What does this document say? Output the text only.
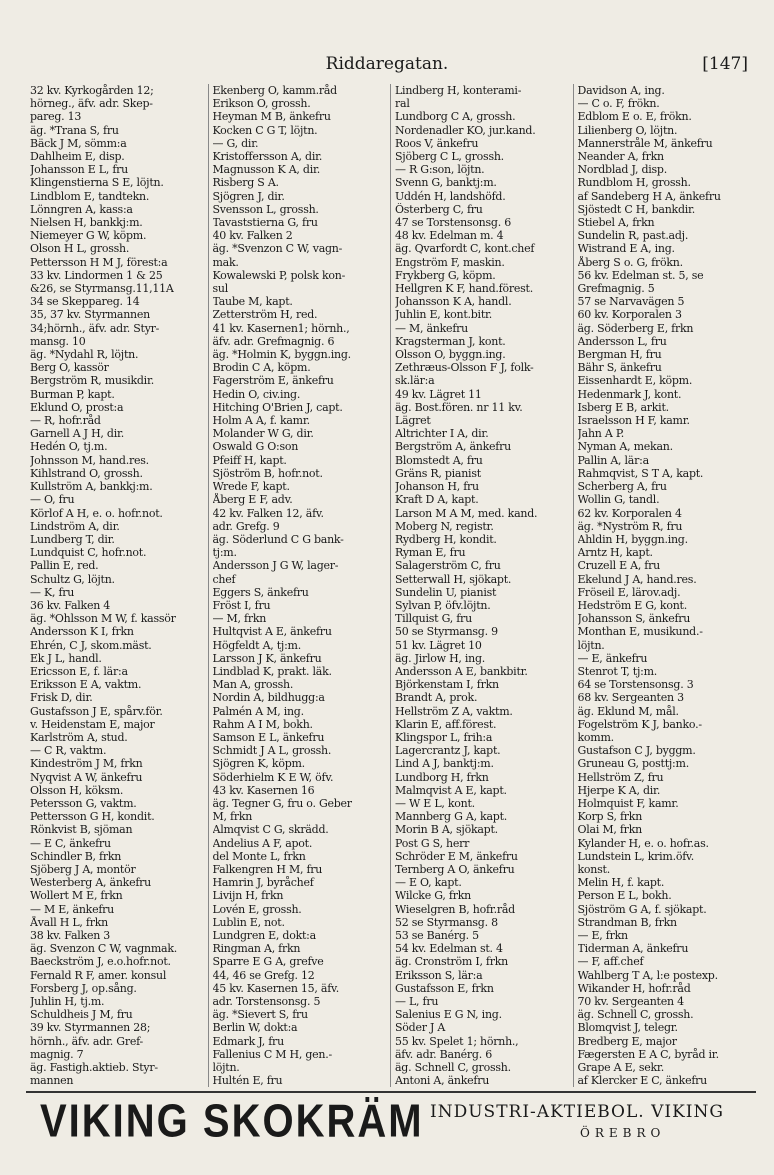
Riddaregatan.	[147]
32 kv. Kyrkogården 12;
hörneg., äfv. adr. Skep-
pareg. 13
äg. *Trana S, fru
Bäck J M, sömm:a
Dahlheim E, disp.
Johansson E L, fru
Klingenstierna S E, löjtn.
Lindblom E, tandtekn.
Lönngren A, kass:a
Nielsen H, bankkj:m.
Niemeyer G W, köpm.
Olson H L, grossh.
Pettersson H M J, förest:a
33 kv. Lindormen 1 & 25
&26, se Styrmansg.11,11A
34 se Skeppareg. 14
35, 37 kv. Styrmannen
34;hörnh., äfv. adr. Styr-
mansg. 10
äg. *Nydahl R, löjtn.
Berg O, kassör
Bergström R, musikdir.
Burman P, kapt.
Eklund O, prost:a
— R, hofr.råd
Garnell A J H, dir.
Hedén O, tj.m.
Johnsson M, hand.res.
Kihlstrand O, grossh.
Kullström A, bankkj:m.
— O, fru
Körlof A H, e. o. hofr.not.
Lindström A, dir.
Lundberg T, dir.
Lundquist C, hofr.not.
Pallin E, red.
Schultz G, löjtn.
— K, fru
36 kv. Falken 4
äg. *Ohlsson M W, f. kassör
Andersson K I, frkn
Ehrén, C J, skom.mäst.
Ek J L, handl.
Ericsson E, f. lär:a
Eriksson E A, vaktm.
Frisk D, dir.
Gustafsson J E, spårv.för.
v. Heidenstam E, major
Karlström A, stud.
— C R, vaktm.
Kindeström J M, frkn
Nyqvist A W, änkefru
Olsson H, köksm.
Petersson G, vaktm.
Pettersson G H, kondit.
Rönkvist B, sjöman
— E C, änkefru
Schindler B, frkn
Sjöberg J A, montör
Westerberg A, änkefru
Wollert M E, frkn
— M E, änkefru
Åvall H L, frkn
38 kv. Falken 3
äg. Svenzon C W, vagnmak.
Baeckström J, e.o.hofr.not.
Fernald R F, amer. konsul
Forsberg J, op.sång.
Juhlin H, tj.m.
Schuldheis J M, fru
39 kv. Styrmannen 28;
hörnh., äfv. adr. Gref-
magnig. 7
äg. Fastigh.aktieb. Styr-
mannen
Ekenberg O, kamm.råd
Erikson O, grossh.
Heyman M B, änkefru
Kocken C G T, löjtn.
— G, dir.
Kristoffersson A, dir.
Magnusson K A, dir.
Risberg S A.
Sjögren J, dir.
Svensson L, grossh.
Tavaststierna G, fru
40 kv. Falken 2
äg. *Svenzon C W, vagn-
mak.
Kowalewski P, polsk kon-
sul
Taube M, kapt.
Zetterström H, red.
41 kv. Kasernen1; hörnh.,
äfv. adr. Grefmagnig. 6
äg. *Holmin K, byggn.ing.
Brodin C A, köpm.
Fagerström E, änkefru
Hedin O, civ.ing.
Hitching O'Brien J, capt.
Holm A A, f. kamr.
Molander W G, dir.
Oswald G O:son
Pfeiff H, kapt.
Sjöström B, hofr.not.
Wrede F, kapt.
Åberg E F, adv.
42 kv. Falken 12, äfv.
adr. Grefg. 9
äg. Söderlund C G bank-
tj:m.
Andersson J G W, lager-
chef
Eggers S, änkefru
Fröst I, fru
— M, frkn
Hultqvist A E, änkefru
Högfeldt A, tj:m.
Larsson J K, änkefru
Lindblad K, prakt. läk.
Man A, grossh.
Nordin A, bildhugg:a
Palmén A M, ing.
Rahm A I M, bokh.
Samson E L, änkefru
Schmidt J A L, grossh.
Sjögren K, köpm.
Söderhielm K E W, öfv.
43 kv. Kasernen 16
äg. Tegner G, fru o. Geber
M, frkn
Almqvist C G, skrädd.
Andelius A F, apot.
del Monte L, frkn
Falkengren H M, fru
Hamrin J, byråchef
Livijn H, frkn
Lovén E, grossh.
Lublin E, not.
Lundgren E, dokt:a
Ringman A, frkn
Sparre E G A, grefve
44, 46 se Grefg. 12
45 kv. Kasernen 15, äfv.
adr. Torstensonsg. 5
äg. *Sievert S, fru
Berlin W, dokt:a
Edmark J, fru
Fallenius C M H, gen.-
löjtn.
Hultén E, fru
Lindberg H, konterami-
ral
Lundborg C A, grossh.
Nordenadler KO, jur.kand.
Roos V, änkefru
Sjöberg C L, grossh.
— R G:son, löjtn.
Svenn G, banktj:m.
Uddén H, landshöfd.
Österberg C, fru
47 se Torstensonsg. 6
48 kv. Edelman m. 4
äg. Qvarfordt C, kont.chef
Engström F, maskin.
Frykberg G, köpm.
Hellgren K F, hand.förest.
Johansson K A, handl.
Juhlin E, kont.bitr.
— M, änkefru
Kragsterman J, kont.
Olsson O, byggn.ing.
Zethræus-Olsson F J, folk-
sk.lär:a
49 kv. Lägret 11
äg. Bost.fören. nr 11 kv.
Lägret
Altrichter I A, dir.
Bergström A, änkefru
Blomstedt A, fru
Gräns R, pianist
Johanson H, fru
Kraft D A, kapt.
Larson M A M, med. kand.
Moberg N, registr.
Rydberg H, kondit.
Ryman E, fru
Salagerström C, fru
Setterwall H, sjökapt.
Sundelin U, pianist
Sylvan P, öfv.löjtn.
Tillquist G, fru
50 se Styrmansg. 9
51 kv. Lägret 10
äg. Jirlow H, ing.
Andersson A E, bankbitr.
Björkenstam I, frkn
Brandt A, prok.
Hellström Z A, vaktm.
Klarin E, aff.förest.
Klingspor L, frih:a
Lagercrantz J, kapt.
Lind A J, banktj:m.
Lundborg H, frkn
Malmqvist A E, kapt.
— W E L, kont.
Mannberg G A, kapt.
Morin B A, sjökapt.
Post G S, herr
Schröder E M, änkefru
Ternberg A O, änkefru
— E O, kapt.
Wilcke G, frkn
Wieselgren B, hofr.råd
52 se Styrmansg. 8
53 se Banérg. 5
54 kv. Edelman st. 4
äg. Cronström I, frkn
Eriksson S, lär:a
Gustafsson E, frkn
— L, fru
Salenius E G N, ing.
Söder J A
55 kv. Spelet 1; hörnh.,
äfv. adr. Banérg. 6
äg. Schnell C, grossh.
Antoni A, änkefru
Davidson A, ing.
— C o. F, frökn.
Edblom E o. E, frökn.
Lilienberg O, löjtn.
Mannerstråle M, änkefru
Neander A, frkn
Nordblad J, disp.
Rundblom H, grossh.
af Sandeberg H A, änkefru
Sjöstedt C H, bankdir.
Stiebel A, frkn
Sundelin R, past.adj.
Wistrand E A, ing.
Åberg S o. G, frökn.
56 kv. Edelman st. 5, se
Grefmagnig. 5
57 se Narvavägen 5
60 kv. Korporalen 3
äg. Söderberg E, frkn
Andersson L, fru
Bergman H, fru
Bähr S, änkefru
Eissenhardt E, köpm.
Hedenmark J, kont.
Isberg E B, arkit.
Israelsson H F, kamr.
Jahn A P.
Nyman A, mekan.
Pallin A, lär:a
Rahmqvist, S T A, kapt.
Scherberg A, fru
Wollin G, tandl.
62 kv. Korporalen 4
äg. *Nyström R, fru
Ahldin H, byggn.ing.
Arntz H, kapt.
Cruzell E A, fru
Ekelund J A, hand.res.
Fröseil E, lärov.adj.
Hedström E G, kont.
Johansson S, änkefru
Monthan E, musikund.-
löjtn.
— E, änkefru
Stenrot T, tj:m.
64 se Torstensonsg. 3
68 kv. Sergeanten 3
äg. Eklund M, mål.
Fogelström K J, banko.-
komm.
Gustafson C J, byggm.
Gruneau G, posttj:m.
Hellström Z, fru
Hjerpe K A, dir.
Holmquist F, kamr.
Korp S, frkn
Olai M, frkn
Kylander H, e. o. hofr.as.
Lundstein L, krim.öfv.
konst.
Melin H, f. kapt.
Person E L, bokh.
Sjöström G A, f. sjökapt.
Strandman B, frkn
— E, frkn
Tiderman A, änkefru
— F, aff.chef
Wahlberg T A, l:e postexp.
Wikander H, hofr.råd
70 kv. Sergeanten 4
äg. Schnell C, grossh.
Blomqvist J, telegr.
Bredberg E, major
Fægersten E A C, byråd ir.
Grape A E, sekr.
af Klercker E C, änkefru
VIKING SKOKRÄM INDUSTRI-AKTIEBOL. VIKING
ÖREBRO
